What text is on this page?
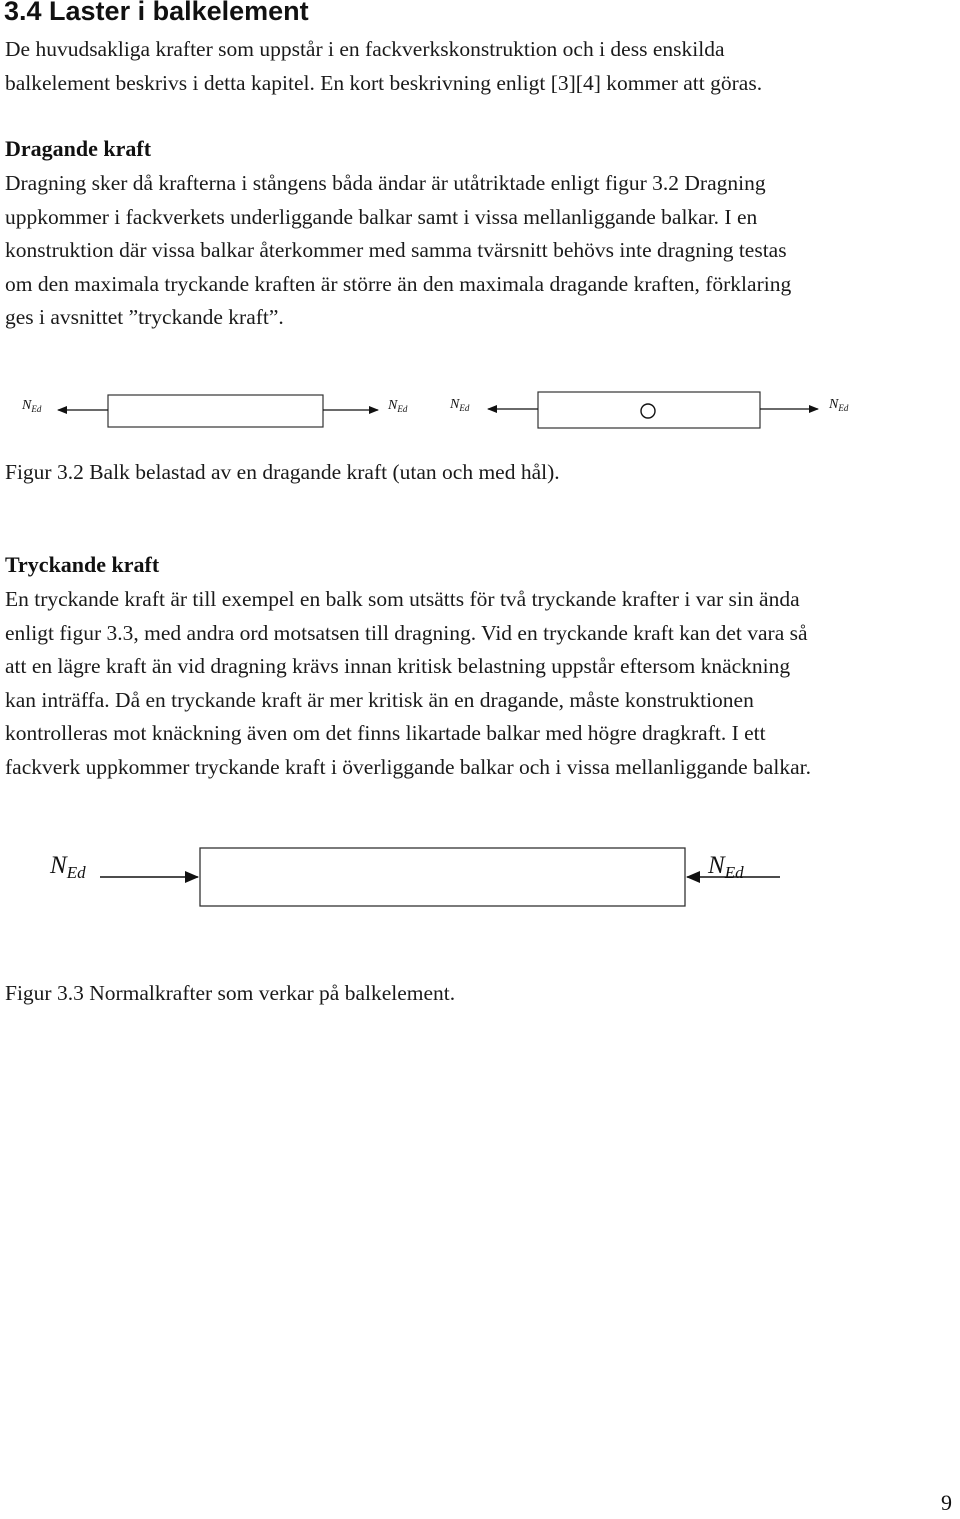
3.4 Laster i balkelement
De huvudsakliga krafter som uppstår i en fackverkskonstruktion och i dess enskilda
balkelement beskrivs i detta kapitel. En kort beskrivning enligt [3][4] kommer att göras.
Dragande kraft
Dragning sker då krafterna i stångens båda ändar är utåtriktade enligt figur 3.2 Dragning
uppkommer i fackverkets underliggande balkar samt i vissa mellanliggande balkar. I en
konstruktion där vissa balkar återkommer med samma tvärsnitt behövs inte dragning testas
om den maximala tryckande kraften är större än den maximala dragande kraften, förklaring
ges i avsnittet ”tryckande kraft”.
$N_{Ed}$	$N_{Ed}$	$N_{Ed}$	$N_{Ed}$
Figur 3.2 Balk belastad av en dragande kraft (utan och med hål).
Tryckande kraft
En tryckande kraft är till exempel en balk som utsätts för två tryckande krafter i var sin ända
enligt figur 3.3, med andra ord motsatsen till dragning. Vid en tryckande kraft kan det vara så
att en lägre kraft än vid dragning krävs innan kritisk belastning uppstår eftersom knäckning
kan inträffa. Då en tryckande kraft är mer kritisk än en dragande, måste konstruktionen
kontrolleras mot knäckning även om det finns likartade balkar med högre dragkraft. I ett
fackverk uppkommer tryckande kraft i överliggande balkar och i vissa mellanliggande balkar.
$N_{Ed}$	$N_{Ed}$
Figur 3.3 Normalkrafter som verkar på balkelement.
9
